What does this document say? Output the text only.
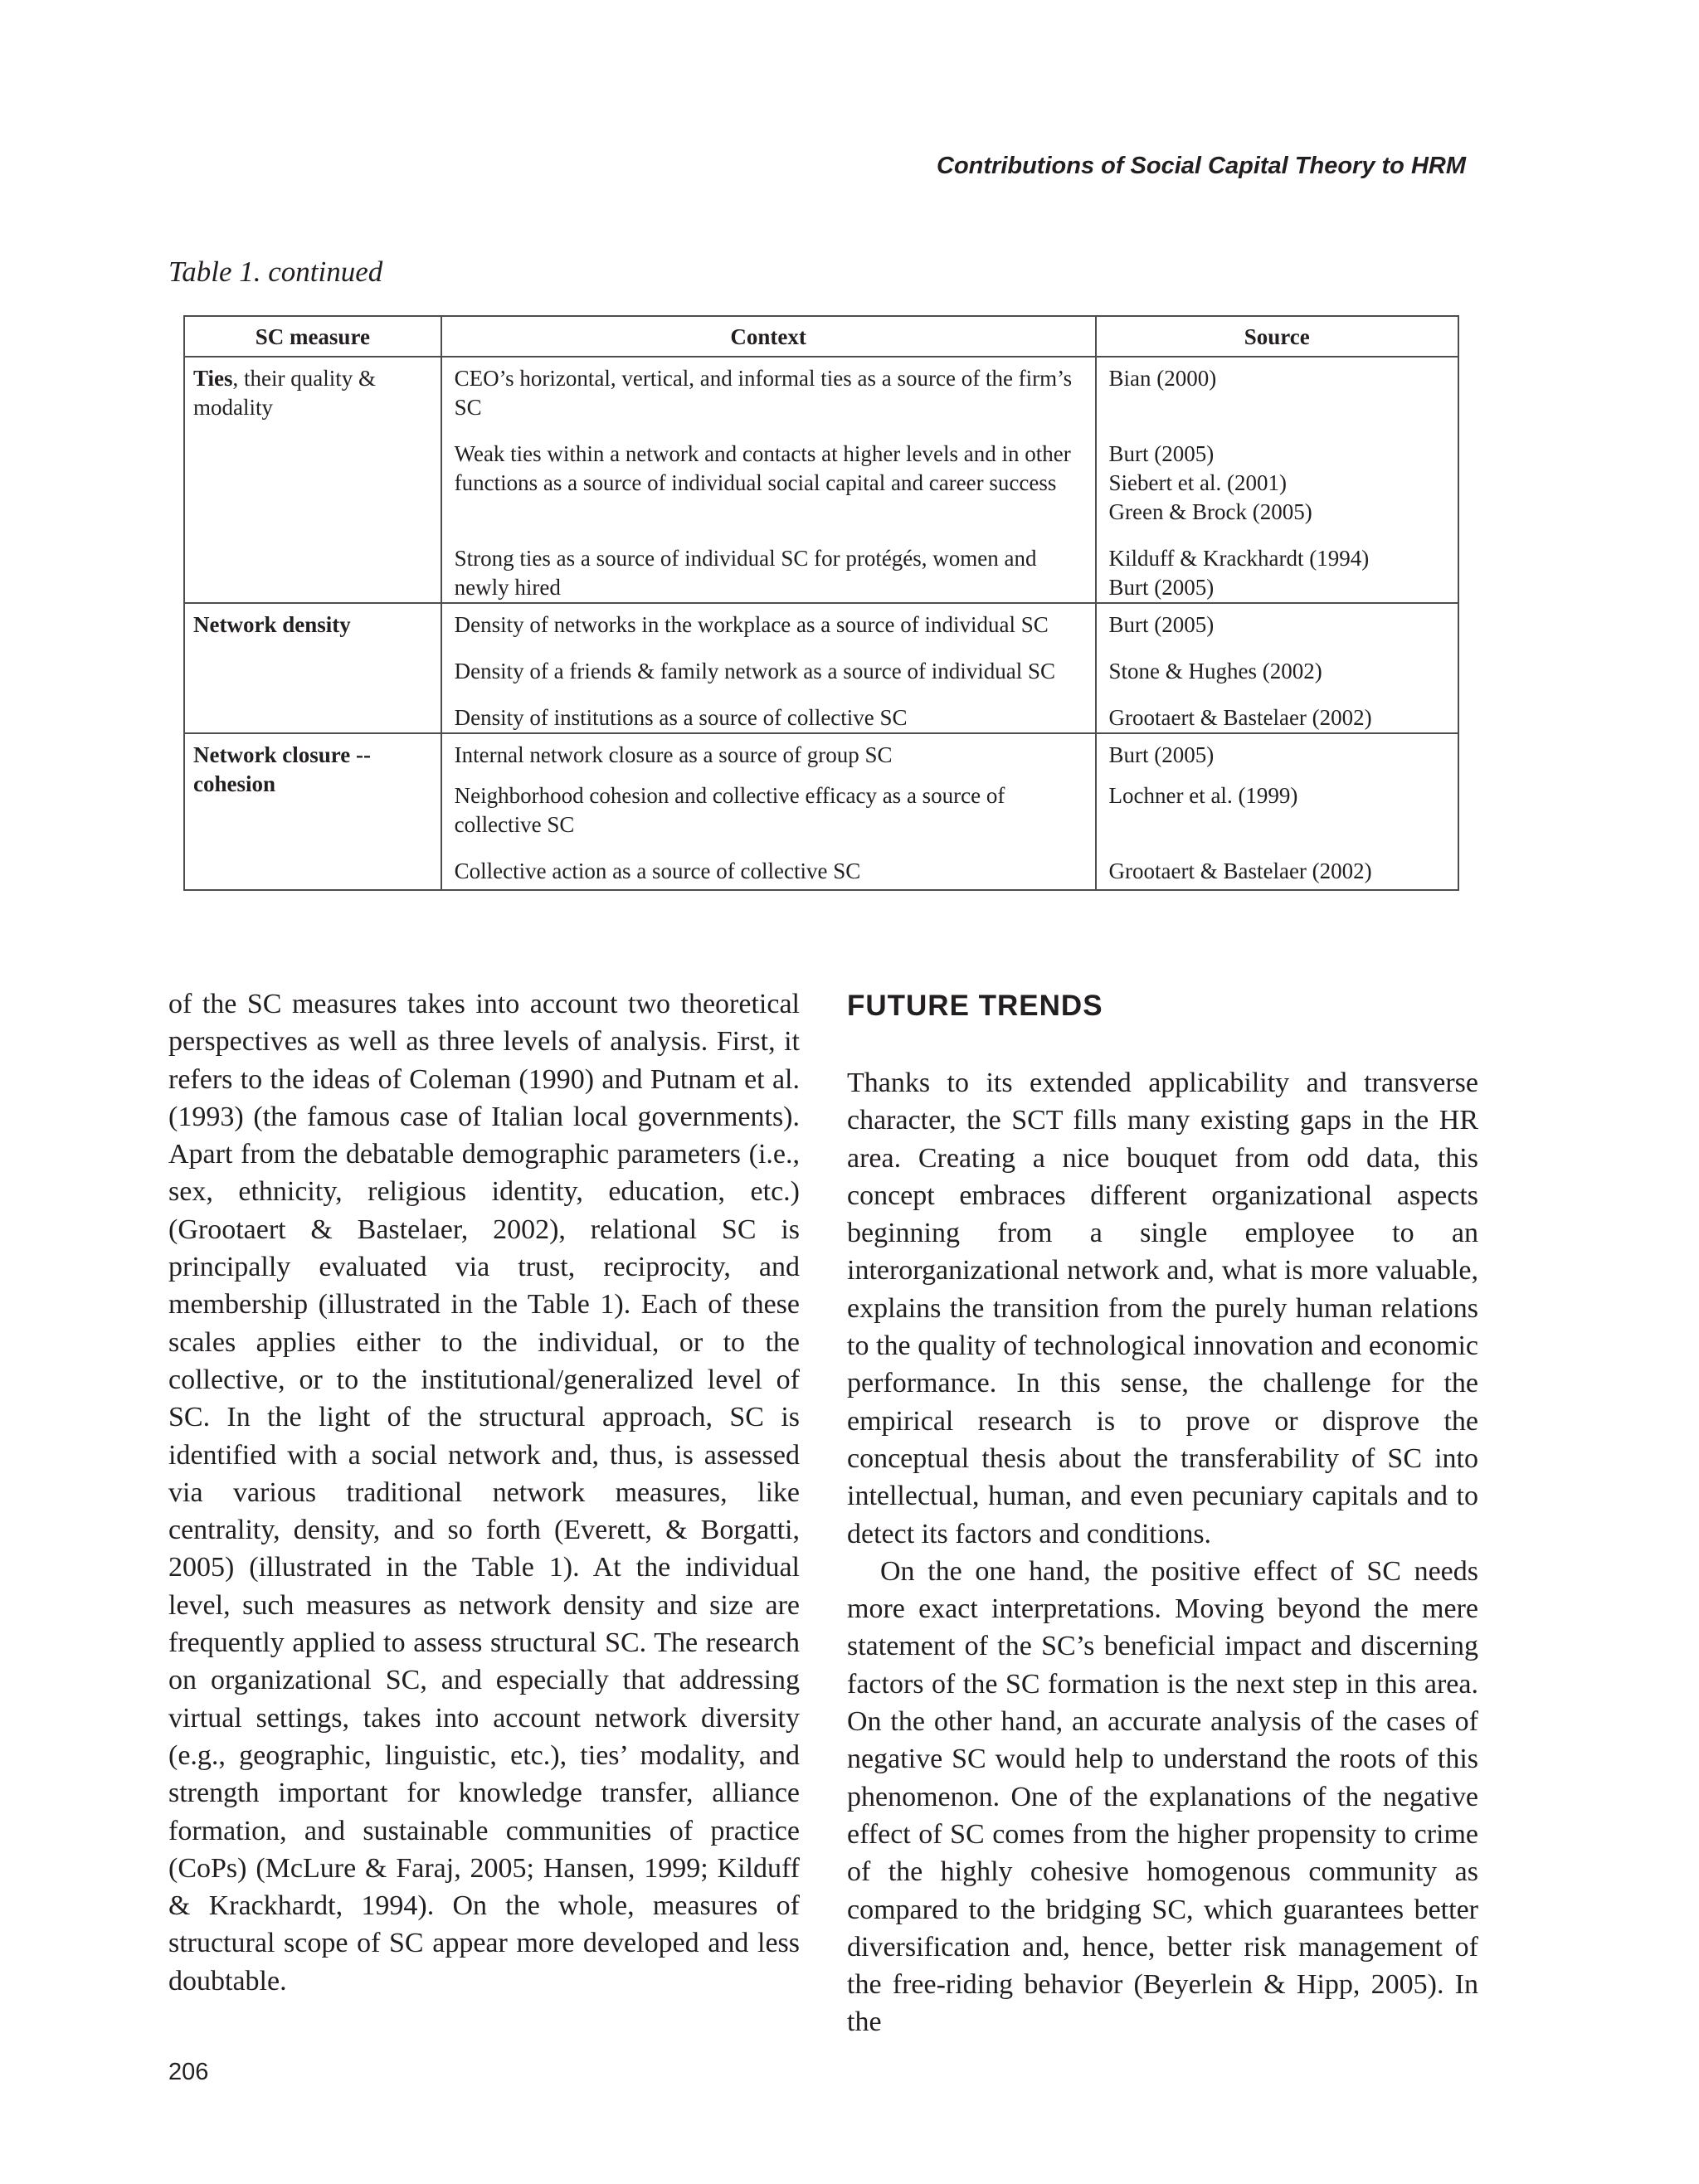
Contributions of Social Capital Theory to HRM
Table 1. continued
SC measure	Context	Source
Ties, their quality & modality	CEO’s horizontal, vertical, and informal ties as a source of the firm’s SC	Bian (2000)

	Weak ties within a network and contacts at higher levels and in other functions as a source of individual social capital and career success	Burt (2005)
Siebert et al. (2001)
Green & Brock (2005)

	Strong ties as a source of individual SC for protégés, women and newly hired	Kilduff & Krackhardt (1994)
Burt (2005)

Network density	Density of networks in the workplace as a source of individual SC	Burt (2005)

	Density of a friends & family network as a source of individual SC	Stone & Hughes (2002)

	Density of institutions as a source of collective SC	Grootaert & Bastelaer (2002)

Network closure -- cohesion	Internal network closure as a source of group SC	Burt (2005)

	Neighborhood cohesion and collective efficacy as a source of collective SC	Lochner et al. (1999)

	Collective action as a source of collective SC	Grootaert & Bastelaer (2002)

of the SC measures takes into account two theoretical perspectives as well as three levels of analysis. First, it refers to the ideas of Coleman (1990) and Putnam et al. (1993) (the famous case of Italian local governments). Apart from the debatable demographic parameters (i.e., sex, ethnicity, religious identity, education, etc.) (Grootaert & Bastelaer, 2002), relational SC is principally evaluated via trust, reciprocity, and membership (illustrated in the Table 1). Each of these scales applies either to the individual, or to the collective, or to the institutional/generalized level of SC. In the light of the structural approach, SC is identified with a social network and, thus, is assessed via various traditional network measures, like centrality, density, and so forth (Everett, & Borgatti, 2005) (illustrated in the Table 1). At the individual level, such measures as network density and size are frequently applied to assess structural SC. The research on organizational SC, and especially that addressing virtual settings, takes into account network diversity (e.g., geographic, linguistic, etc.), ties’ modality, and strength important for knowledge transfer, alliance formation, and sustainable communities of practice (CoPs) (McLure & Faraj, 2005; Hansen, 1999; Kilduff & Krackhardt, 1994). On the whole, measures of structural scope of SC appear more developed and less doubtable.

FUTURE TRENDS

Thanks to its extended applicability and transverse character, the SCT fills many existing gaps in the HR area. Creating a nice bouquet from odd data, this concept embraces different organizational aspects beginning from a single employee to an interorganizational network and, what is more valuable, explains the transition from the purely human relations to the quality of technological innovation and economic performance. In this sense, the challenge for the empirical research is to prove or disprove the conceptual thesis about the transferability of SC into intellectual, human, and even pecuniary capitals and to detect its factors and conditions.

On the one hand, the positive effect of SC needs more exact interpretations. Moving beyond the mere statement of the SC’s beneficial impact and discerning factors of the SC formation is the next step in this area. On the other hand, an accurate analysis of the cases of negative SC would help to understand the roots of this phenomenon. One of the explanations of the negative effect of SC comes from the higher propensity to crime of the highly cohesive homogenous community as compared to the bridging SC, which guarantees better diversification and, hence, better risk management of the free-riding behavior (Beyerlein & Hipp, 2005). In the

206
